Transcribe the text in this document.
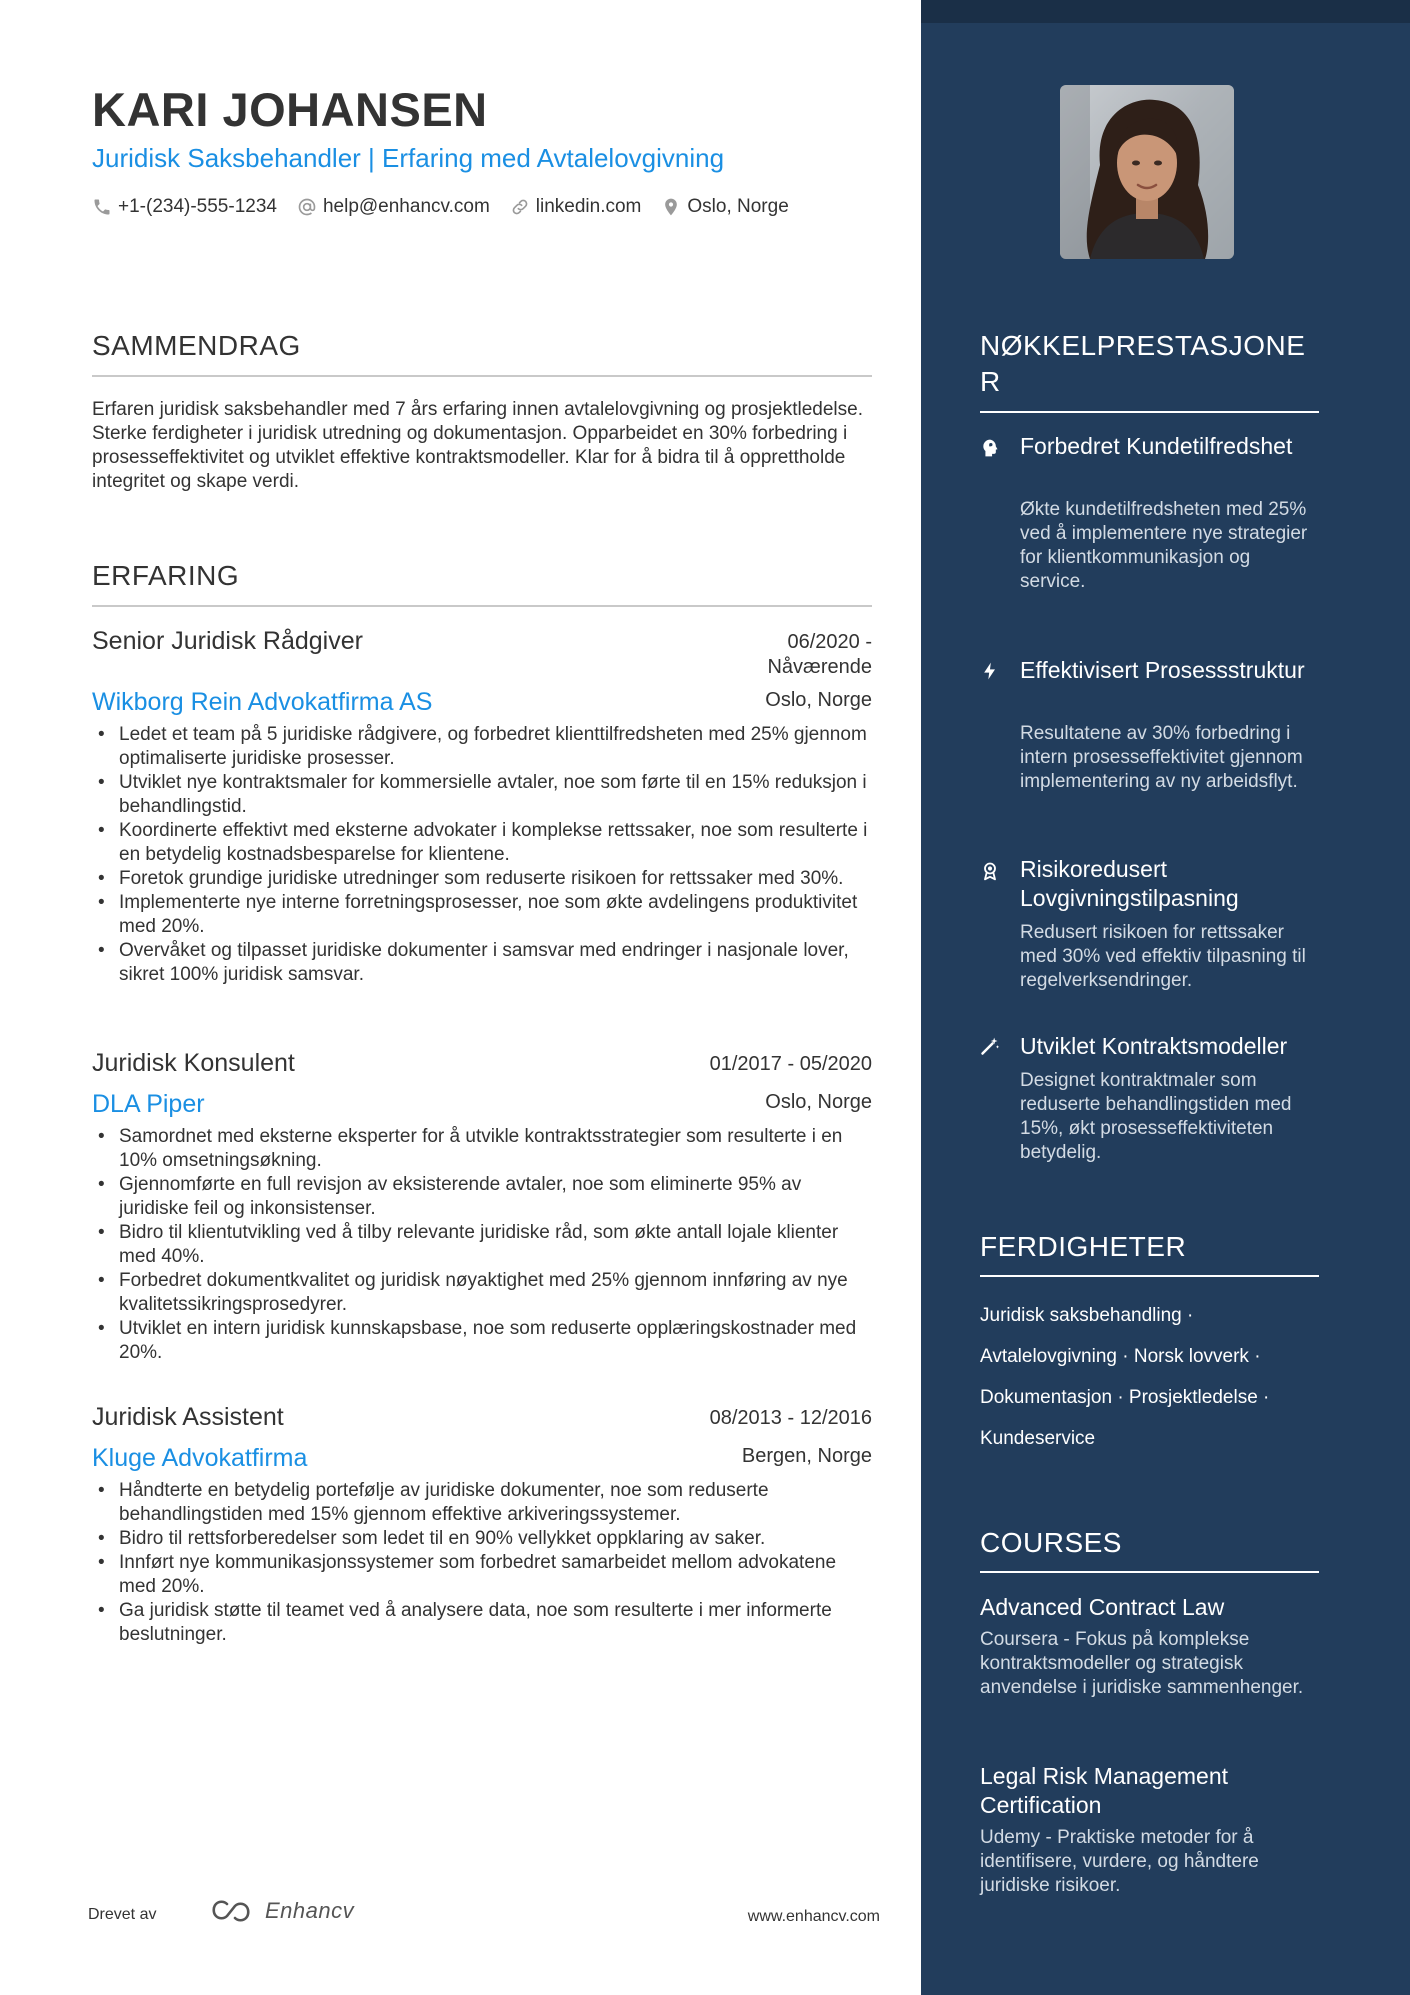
KARI JOHANSEN
Juridisk Saksbehandler | Erfaring med Avtalelovgivning
+1-(234)-555-1234 help@enhancv.com linkedin.com Oslo, Norge
SAMMENDRAG
Erfaren juridisk saksbehandler med 7 års erfaring innen avtalelovgivning og prosjektledelse. Sterke ferdigheter i juridisk utredning og dokumentasjon. Opparbeidet en 30% forbedring i prosesseffektivitet og utviklet effektive kontraktsmodeller. Klar for å bidra til å opprettholde integritet og skape verdi.
ERFARING
Senior Juridisk Rådgiver	06/2020 -
Nåværende
Wikborg Rein Advokatfirma AS	Oslo, Norge
• Ledet et team på 5 juridiske rådgivere, og forbedret klienttilfredsheten med 25% gjennom optimaliserte juridiske prosesser.
• Utviklet nye kontraktsmaler for kommersielle avtaler, noe som førte til en 15% reduksjon i behandlingstid.
• Koordinerte effektivt med eksterne advokater i komplekse rettssaker, noe som resulterte i en betydelig kostnadsbesparelse for klientene.
• Foretok grundige juridiske utredninger som reduserte risikoen for rettssaker med 30%.
• Implementerte nye interne forretningsprosesser, noe som økte avdelingens produktivitet med 20%.
• Overvåket og tilpasset juridiske dokumenter i samsvar med endringer i nasjonale lover, sikret 100% juridisk samsvar.
Juridisk Konsulent	01/2017 - 05/2020
DLA Piper	Oslo, Norge
• Samordnet med eksterne eksperter for å utvikle kontraktsstrategier som resulterte i en 10% omsetningsøkning.
• Gjennomførte en full revisjon av eksisterende avtaler, noe som eliminerte 95% av juridiske feil og inkonsistenser.
• Bidro til klientutvikling ved å tilby relevante juridiske råd, som økte antall lojale klienter med 40%.
• Forbedret dokumentkvalitet og juridisk nøyaktighet med 25% gjennom innføring av nye kvalitetssikringsprosedyrer.
• Utviklet en intern juridisk kunnskapsbase, noe som reduserte opplæringskostnader med 20%.
Juridisk Assistent	08/2013 - 12/2016
Kluge Advokatfirma	Bergen, Norge
• Håndterte en betydelig portefølje av juridiske dokumenter, noe som reduserte behandlingstiden med 15% gjennom effektive arkiveringssystemer.
• Bidro til rettsforberedelser som ledet til en 90% vellykket oppklaring av saker.
• Innført nye kommunikasjonssystemer som forbedret samarbeidet mellom advokatene med 20%.
• Ga juridisk støtte til teamet ved å analysere data, noe som resulterte i mer informerte beslutninger.
Drevet av	Enhancv	www.enhancv.com
NØKKELPRESTASJONE
R
Forbedret Kundetilfredshet
Økte kundetilfredsheten med 25% ved å implementere nye strategier for klientkommunikasjon og service.
Effektivisert Prosessstruktur
Resultatene av 30% forbedring i intern prosesseffektivitet gjennom implementering av ny arbeidsflyt.
Risikoredusert Lovgivningstilpasning
Redusert risikoen for rettssaker med 30% ved effektiv tilpasning til regelverksendringer.
Utviklet Kontraktsmodeller
Designet kontraktmaler som reduserte behandlingstiden med 15%, økt prosesseffektiviteten betydelig.
FERDIGHETER
Juridisk saksbehandling ·
Avtalelovgivning · Norsk lovverk ·
Dokumentasjon · Prosjektledelse ·
Kundeservice
COURSES
Advanced Contract Law
Coursera - Fokus på komplekse kontraktsmodeller og strategisk anvendelse i juridiske sammenhenger.
Legal Risk Management Certification
Udemy - Praktiske metoder for å identifisere, vurdere, og håndtere juridiske risikoer.
